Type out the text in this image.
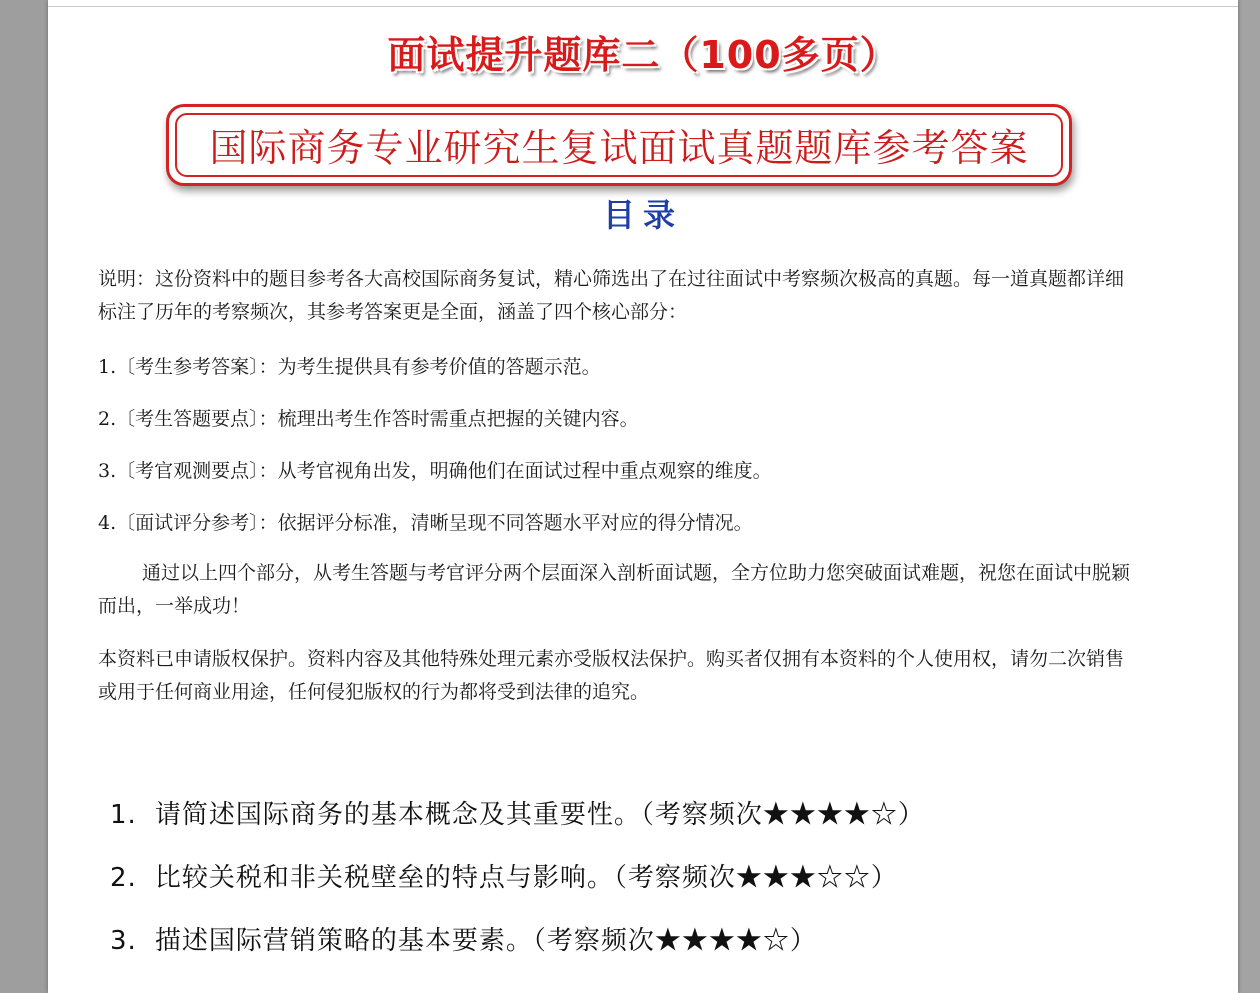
面试提升题库二（100多页）
国际商务专业研究生复试面试真题题库参考答案
目录
说明：这份资料中的题目参考各大高校国际商务复试，精心筛选出了在过往面试中考察频次极高的真题。每一道真题都详细标注了历年的考察频次，其参考答案更是全面，涵盖了四个核心部分：
1.〔考生参考答案〕：为考生提供具有参考价值的答题示范。
2.〔考生答题要点〕：梳理出考生作答时需重点把握的关键内容。
3.〔考官观测要点〕：从考官视角出发，明确他们在面试过程中重点观察的维度。
4.〔面试评分参考〕：依据评分标准，清晰呈现不同答题水平对应的得分情况。
通过以上四个部分，从考生答题与考官评分两个层面深入剖析面试题，全方位助力您突破面试难题，祝您在面试中脱颖而出，一举成功！
本资料已申请版权保护。资料内容及其他特殊处理元素亦受版权法保护。购买者仅拥有本资料的个人使用权，请勿二次销售或用于任何商业用途，任何侵犯版权的行为都将受到法律的追究。
1. 请简述国际商务的基本概念及其重要性。（考察频次★★★★☆）
2. 比较关税和非关税壁垒的特点与影响。（考察频次★★★☆☆）
3. 描述国际营销策略的基本要素。（考察频次★★★★☆）
